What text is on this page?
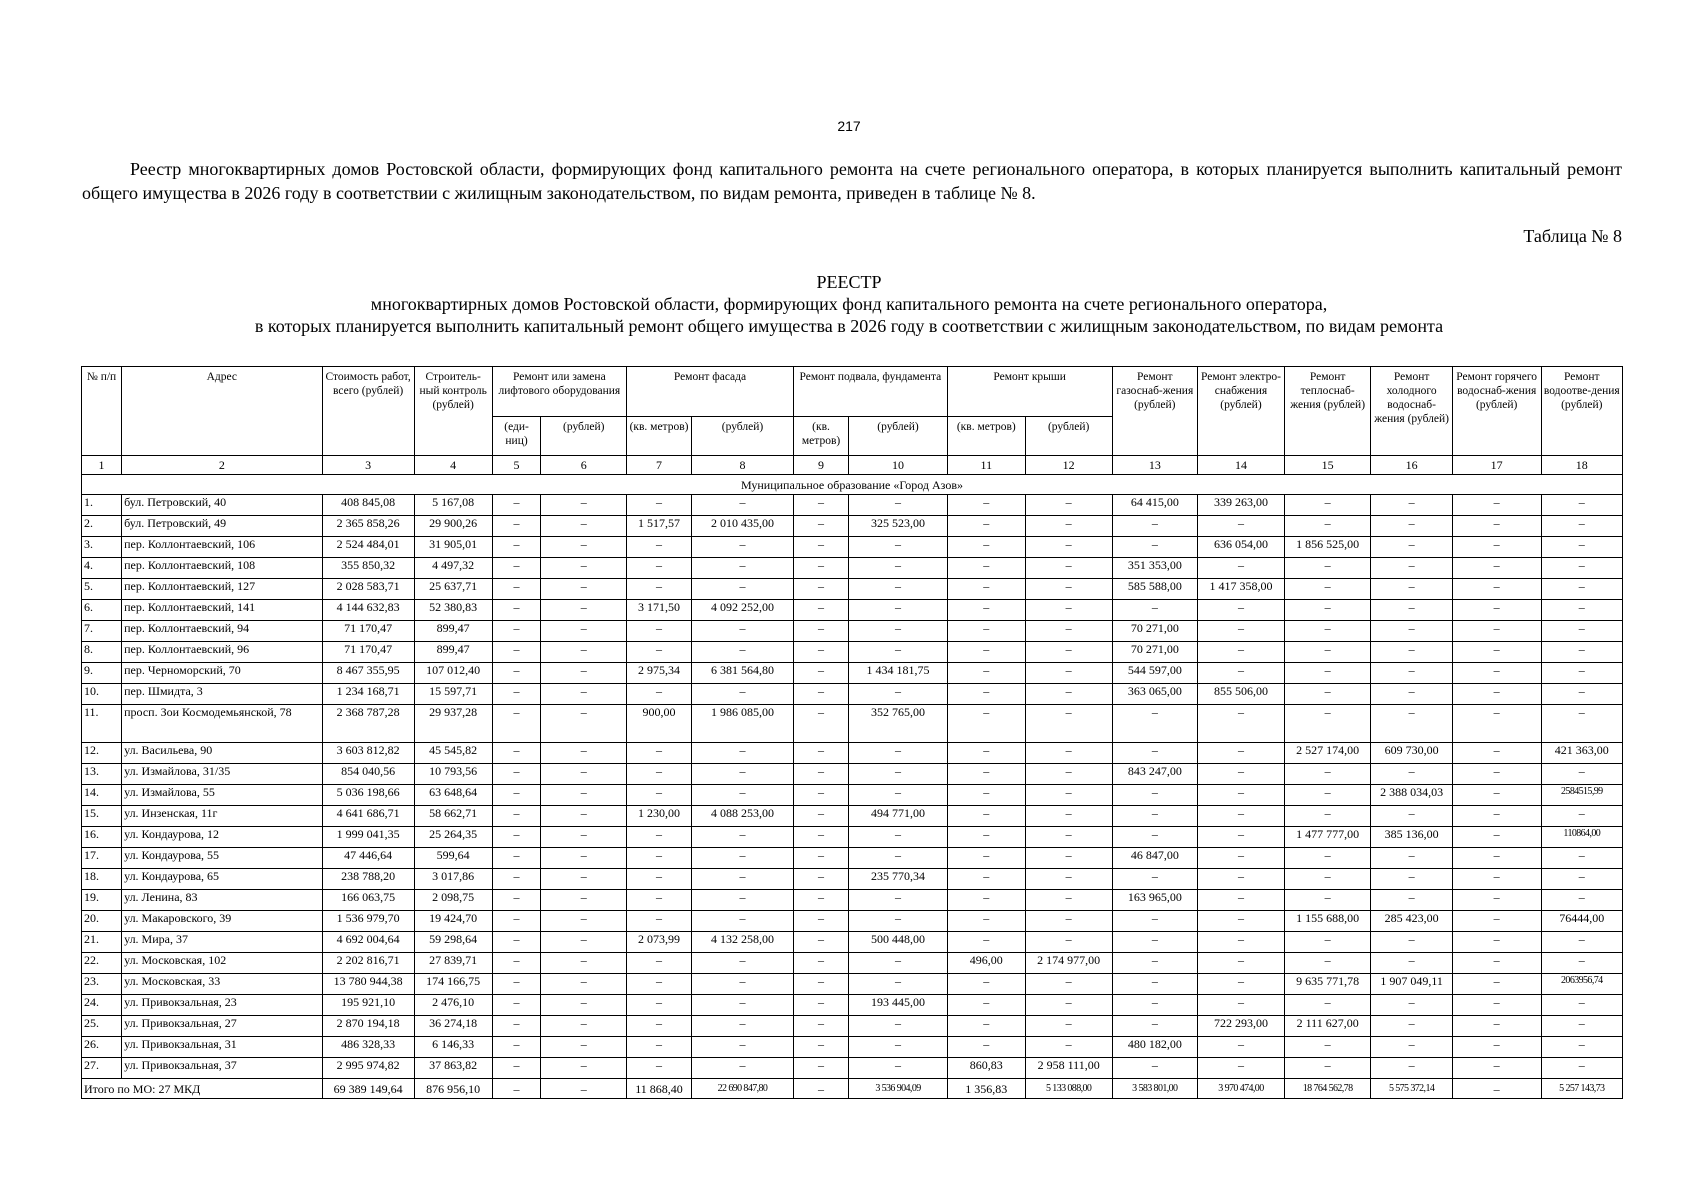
217
Реестр многоквартирных домов Ростовской области, формирующих фонд капитального ремонта на счете регионального оператора, в которых планируется выполнить капитальный ремонт общего имущества в 2026 году в соответствии с жилищным законодательством, по видам ремонта, приведен в таблице № 8.
Таблица № 8
РЕЕСТР
многоквартирных домов Ростовской области, формирующих фонд капитального ремонта на счете регионального оператора,
в которых планируется выполнить капитальный ремонт общего имущества в 2026 году в соответствии с жилищным законодательством, по видам ремонта
№ п/п	Адрес	Стоимость работ, всего (рублей)	Строитель-ный контроль (рублей)	Ремонт или замена лифтового оборудования		Ремонт фасада		Ремонт подвала, фундамента		Ремонт крыши		Ремонт газоснаб-жения (рублей)	Ремонт электро-снабжения (рублей)	Ремонт теплоснаб-жения (рублей)	Ремонт холодного водоснаб-жения (рублей)	Ремонт горячего водоснаб-жения (рублей)	Ремонт водоотве-дения (рублей)
				(еди-ниц)	(рублей)	(кв. метров)	(рублей)	(кв. метров)	(рублей)	(кв. метров)	(рублей)						
1	2	3	4	5	6	7	8	9	10	11	12	13	14	15	16	17	18
Муниципальное образование «Город Азов»																	
1.	бул. Петровский, 40	408 845,08	5 167,08	–	–	–	–	–	–	–	–	64 415,00	339 263,00	–	–	–	–
2.	бул. Петровский, 49	2 365 858,26	29 900,26	–	–	1 517,57	2 010 435,00	–	325 523,00	–	–	–	–	–	–	–	–
3.	пер. Коллонтаевский, 106	2 524 484,01	31 905,01	–	–	–	–	–	–	–	–	–	636 054,00	1 856 525,00	–	–	–
4.	пер. Коллонтаевский, 108	355 850,32	4 497,32	–	–	–	–	–	–	–	–	351 353,00	–	–	–	–	–
5.	пер. Коллонтаевский, 127	2 028 583,71	25 637,71	–	–	–	–	–	–	–	–	585 588,00	1 417 358,00	–	–	–	–
6.	пер. Коллонтаевский, 141	4 144 632,83	52 380,83	–	–	3 171,50	4 092 252,00	–	–	–	–	–	–	–	–	–	–
7.	пер. Коллонтаевский, 94	71 170,47	899,47	–	–	–	–	–	–	–	–	70 271,00	–	–	–	–	–
8.	пер. Коллонтаевский, 96	71 170,47	899,47	–	–	–	–	–	–	–	–	70 271,00	–	–	–	–	–
9.	пер. Черноморский, 70	8 467 355,95	107 012,40	–	–	2 975,34	6 381 564,80	–	1 434 181,75	–	–	544 597,00	–	–	–	–	–
10.	пер. Шмидта, 3	1 234 168,71	15 597,71	–	–	–	–	–	–	–	–	363 065,00	855 506,00	–	–	–	–
11.	просп. Зои Космодемьянской, 78	2 368 787,28	29 937,28	–	–	900,00	1 986 085,00	–	352 765,00	–	–	–	–	–	–	–	–
12.	ул. Васильева, 90	3 603 812,82	45 545,82	–	–	–	–	–	–	–	–	–	–	2 527 174,00	609 730,00	–	421 363,00
13.	ул. Измайлова, 31/35	854 040,56	10 793,56	–	–	–	–	–	–	–	–	843 247,00	–	–	–	–	–
14.	ул. Измайлова, 55	5 036 198,66	63 648,64	–	–	–	–	–	–	–	–	–	–	–	2 388 034,03	–	2584515,99
15.	ул. Инзенская, 11г	4 641 686,71	58 662,71	–	–	1 230,00	4 088 253,00	–	494 771,00	–	–	–	–	–	–	–	–
16.	ул. Кондаурова, 12	1 999 041,35	25 264,35	–	–	–	–	–	–	–	–	–	–	1 477 777,00	385 136,00	–	110864,00
17.	ул. Кондаурова, 55	47 446,64	599,64	–	–	–	–	–	–	–	–	46 847,00	–	–	–	–	–
18.	ул. Кондаурова, 65	238 788,20	3 017,86	–	–	–	–	–	235 770,34	–	–	–	–	–	–	–	–
19.	ул. Ленина, 83	166 063,75	2 098,75	–	–	–	–	–	–	–	–	163 965,00	–	–	–	–	–
20.	ул. Макаровского, 39	1 536 979,70	19 424,70	–	–	–	–	–	–	–	–	–	–	1 155 688,00	285 423,00	–	76444,00
21.	ул. Мира, 37	4 692 004,64	59 298,64	–	–	2 073,99	4 132 258,00	–	500 448,00	–	–	–	–	–	–	–	–
22.	ул. Московская, 102	2 202 816,71	27 839,71	–	–	–	–	–	–	496,00	2 174 977,00	–	–	–	–	–	–
23.	ул. Московская, 33	13 780 944,38	174 166,75	–	–	–	–	–	–	–	–	–	–	9 635 771,78	1 907 049,11	–	2063956,74
24.	ул. Привокзальная, 23	195 921,10	2 476,10	–	–	–	–	–	193 445,00	–	–	–	–	–	–	–	–
25.	ул. Привокзальная, 27	2 870 194,18	36 274,18	–	–	–	–	–	–	–	–	–	722 293,00	2 111 627,00	–	–	–
26.	ул. Привокзальная, 31	486 328,33	6 146,33	–	–	–	–	–	–	–	–	480 182,00	–	–	–	–	–
27.	ул. Привокзальная, 37	2 995 974,82	37 863,82	–	–	–	–	–	–	860,83	2 958 111,00	–	–	–	–	–	–
Итого по МО: 27 МКД		69 389 149,64	876 956,10	–	–	11 868,40	22 690 847,80	–	3 536 904,09	1 356,83	5 133 088,00	3 583 801,00	3 970 474,00	18 764 562,78	5 575 372,14	–	5 257 143,73
